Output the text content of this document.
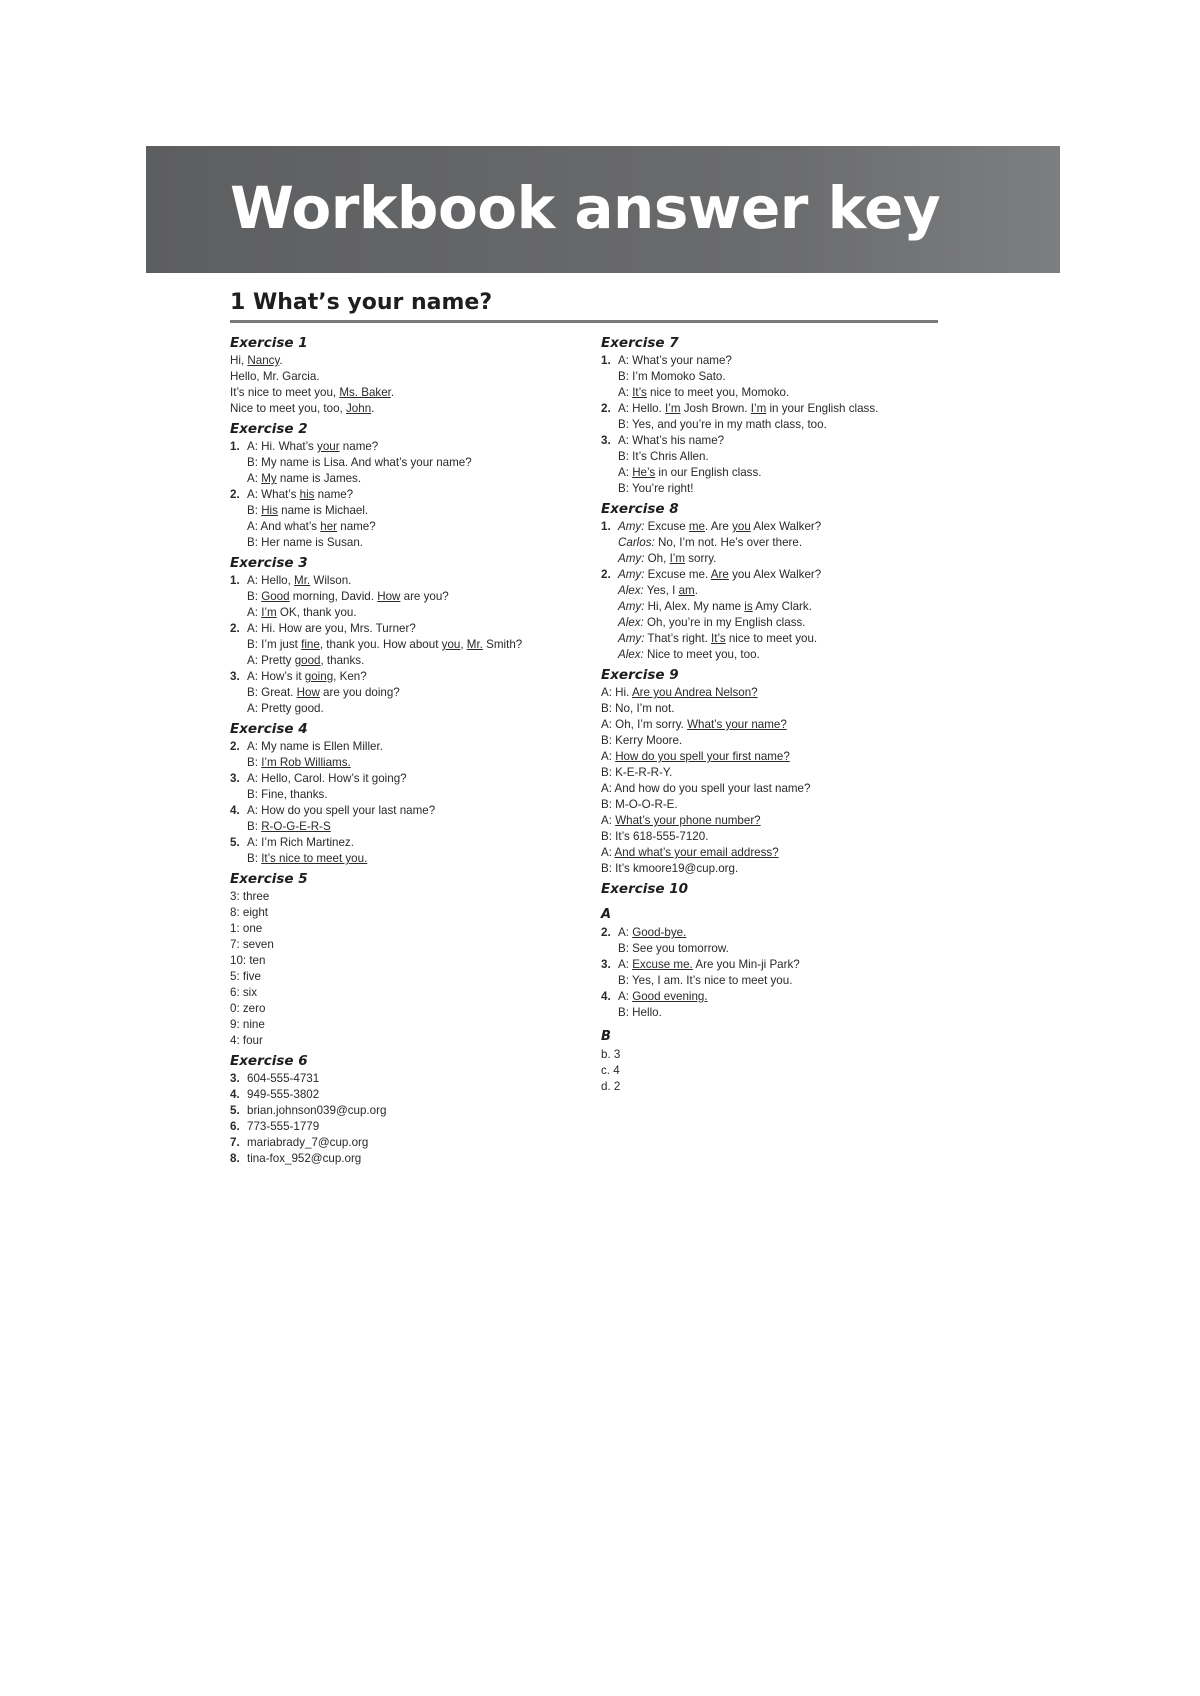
Workbook answer key
1 What’s your name?
Exercise 1
Hi, Nancy.
Hello, Mr. Garcia.
It’s nice to meet you, Ms. Baker.
Nice to meet you, too, John.
Exercise 2
1. A: Hi. What’s your name?
B: My name is Lisa. And what’s your name?
A: My name is James.
2. A: What’s his name?
B: His name is Michael.
A: And what’s her name?
B: Her name is Susan.
Exercise 3
1. A: Hello, Mr. Wilson.
B: Good morning, David. How are you?
A: I’m OK, thank you.
2. A: Hi. How are you, Mrs. Turner?
B: I’m just fine, thank you. How about you, Mr. Smith?
A: Pretty good, thanks.
3. A: How’s it going, Ken?
B: Great. How are you doing?
A: Pretty good.
Exercise 4
2. A: My name is Ellen Miller.
B: I’m Rob Williams.
3. A: Hello, Carol. How’s it going?
B: Fine, thanks.
4. A: How do you spell your last name?
B: R-O-G-E-R-S
5. A: I’m Rich Martinez.
B: It’s nice to meet you.
Exercise 5
3: three
8: eight
1: one
7: seven
10: ten
5: five
6: six
0: zero
9: nine
4: four
Exercise 6
3. 604-555-4731
4. 949-555-3802
5. brian.johnson039@cup.org
6. 773-555-1779
7. mariabrady_7@cup.org
8. tina-fox_952@cup.org
Exercise 7
1. A: What’s your name?
B: I’m Momoko Sato.
A: It’s nice to meet you, Momoko.
2. A: Hello. I’m Josh Brown. I’m in your English class.
B: Yes, and you’re in my math class, too.
3. A: What’s his name?
B: It’s Chris Allen.
A: He’s in our English class.
B: You’re right!
Exercise 8
1. Amy: Excuse me. Are you Alex Walker?
Carlos: No, I’m not. He’s over there.
Amy: Oh, I’m sorry.
2. Amy: Excuse me. Are you Alex Walker?
Alex: Yes, I am.
Amy: Hi, Alex. My name is Amy Clark.
Alex: Oh, you’re in my English class.
Amy: That’s right. It’s nice to meet you.
Alex: Nice to meet you, too.
Exercise 9
A: Hi. Are you Andrea Nelson?
B: No, I’m not.
A: Oh, I’m sorry. What’s your name?
B: Kerry Moore.
A: How do you spell your first name?
B: K-E-R-R-Y.
A: And how do you spell your last name?
B: M-O-O-R-E.
A: What’s your phone number?
B: It’s 618-555-7120.
A: And what’s your email address?
B: It’s kmoore19@cup.org.
Exercise 10
A
2. A: Good-bye.
B: See you tomorrow.
3. A: Excuse me. Are you Min-ji Park?
B: Yes, I am. It’s nice to meet you.
4. A: Good evening.
B: Hello.
B
b. 3
c. 4
d. 2
